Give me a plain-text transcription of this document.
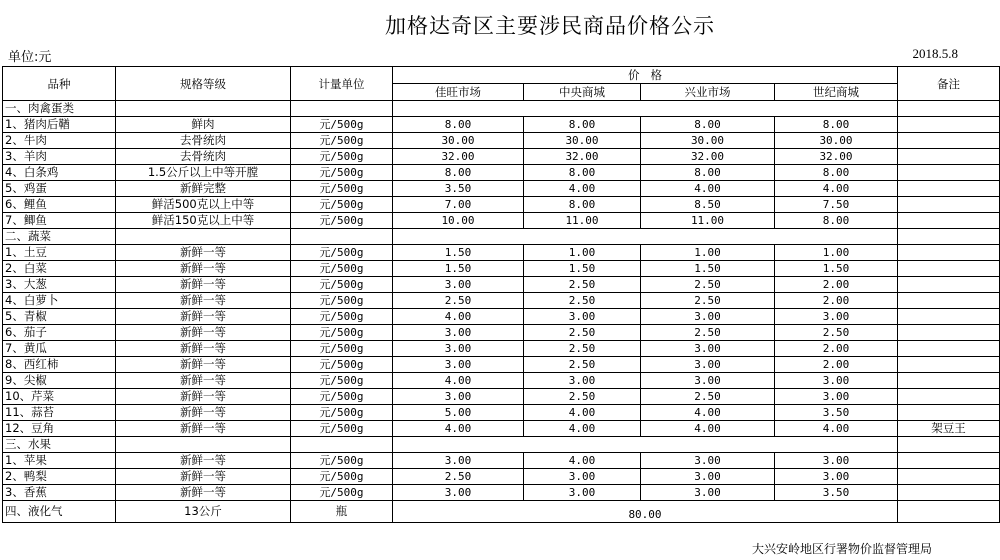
加格达奇区主要涉民商品价格公示
单位:元	2018.5.8
品种	规格等级	计量单位	价   格				备注
			佳旺市场	中央商城	兴业市场	世纪商城	
一、肉禽蛋类							
1、猪肉后鞧	鲜肉	元/500g	8.00	8.00	8.00	8.00	
2、牛肉	去骨统肉	元/500g	30.00	30.00	30.00	30.00	
3、羊肉	去骨统肉	元/500g	32.00	32.00	32.00	32.00	
4、白条鸡	1.5公斤以上中等开膛	元/500g	8.00	8.00	8.00	8.00	
5、鸡蛋	新鲜完整	元/500g	3.50	4.00	4.00	4.00	
6、鲤鱼	鲜活500克以上中等	元/500g	7.00	8.00	8.50	7.50	
7、鲫鱼	鲜活150克以上中等	元/500g	10.00	11.00	11.00	8.00	
二、蔬菜							
1、土豆	新鲜一等	元/500g	1.50	1.00	1.00	1.00	
2、白菜	新鲜一等	元/500g	1.50	1.50	1.50	1.50	
3、大葱	新鲜一等	元/500g	3.00	2.50	2.50	2.00	
4、白萝卜	新鲜一等	元/500g	2.50	2.50	2.50	2.00	
5、青椒	新鲜一等	元/500g	4.00	3.00	3.00	3.00	
6、茄子	新鲜一等	元/500g	3.00	2.50	2.50	2.50	
7、黄瓜	新鲜一等	元/500g	3.00	2.50	3.00	2.00	
8、西红柿	新鲜一等	元/500g	3.00	2.50	3.00	2.00	
9、尖椒	新鲜一等	元/500g	4.00	3.00	3.00	3.00	
10、芹菜	新鲜一等	元/500g	3.00	2.50	2.50	3.00	
11、蒜苔	新鲜一等	元/500g	5.00	4.00	4.00	3.50	
12、豆角	新鲜一等	元/500g	4.00	4.00	4.00	4.00	架豆王
三、水果							
1、苹果	新鲜一等	元/500g	3.00	4.00	3.00	3.00	
2、鸭梨	新鲜一等	元/500g	2.50	3.00	3.00	3.00	
3、香蕉	新鲜一等	元/500g	3.00	3.00	3.00	3.50	
四、液化气	13公斤	瓶	80.00				
大兴安岭地区行署物价监督管理局
